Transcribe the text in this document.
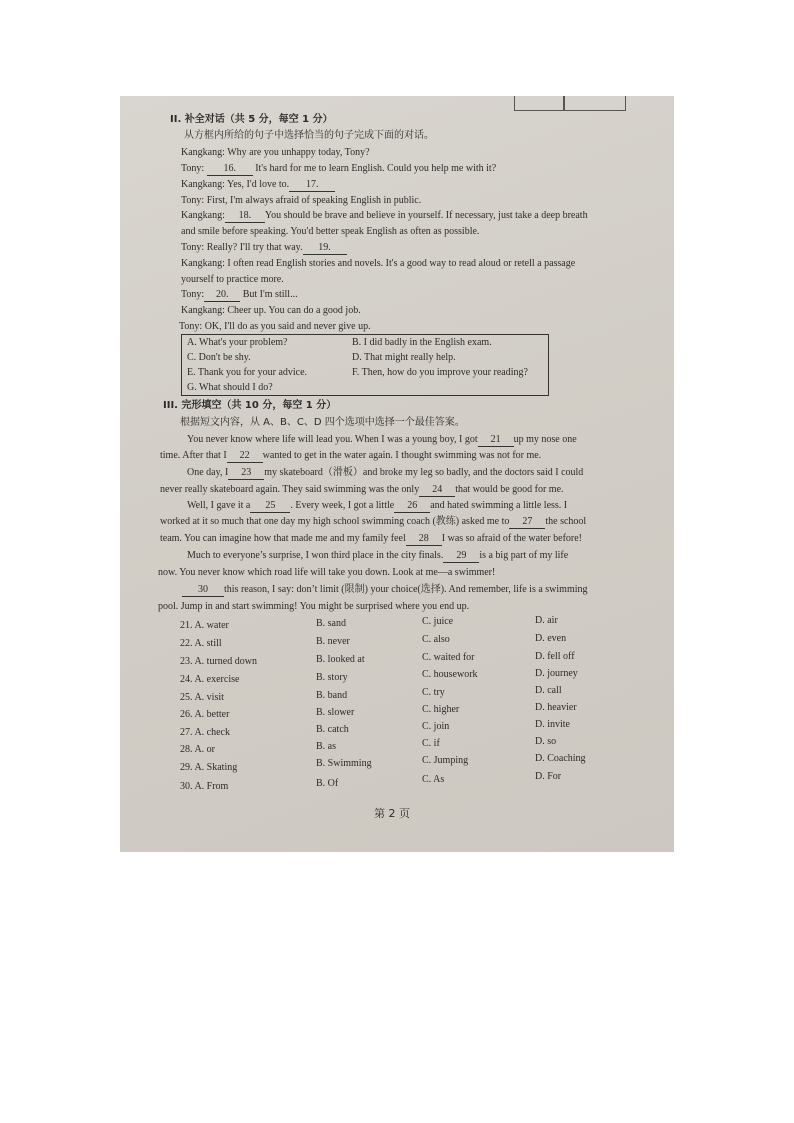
II. 补全对话（共 5 分，每空 1 分）
从方框内所给的句子中选择恰当的句子完成下面的对话。
Kangkang: Why are you unhappy today, Tony?
Tony: 16. It's hard for me to learn English. Could you help me with it?
Kangkang: Yes, I'd love to. 17.
Tony: First, I'm always afraid of speaking English in public.
Kangkang: 18. You should be brave and believe in yourself. If necessary, just take a deep breath
and smile before speaking. You'd better speak English as often as possible.
Tony: Really? I'll try that way. 19.
Kangkang: I often read English stories and novels. It's a good way to read aloud or retell a passage
yourself to practice more.
Tony: 20. But I'm still...
Kangkang: Cheer up. You can do a good job.
Tony: OK, I'll do as you said and never give up.
A. What's your problem?	B. I did badly in the English exam.
C. Don't be shy.	D. That might really help.
E. Thank you for your advice.	F. Then, how do you improve your reading?
G. What should I do?
III. 完形填空（共 10 分，每空 1 分）
根据短文内容，从 A、B、C、D 四个选项中选择一个最佳答案。
You never know where life will lead you. When I was a young boy, I got 21 up my nose one
time. After that I 22 wanted to get in the water again. I thought swimming was not for me.
One day, I 23 my skateboard（滑板）and broke my leg so badly, and the doctors said I could
never really skateboard again. They said swimming was the only 24 that would be good for me.
Well, I gave it a 25 . Every week, I got a little 26 and hated swimming a little less. I
worked at it so much that one day my high school swimming coach (教练) asked me to 27 the school
team. You can imagine how that made me and my family feel 28 I was so afraid of the water before!
Much to everyone’s surprise, I won third place in the city finals. 29 is a big part of my life
now. You never know which road life will take you down. Look at me—a swimmer!
30 this reason, I say: don’t limit (限制) your choice(选择). And remember, life is a swimming
pool. Jump in and start swimming! You might be surprised where you end up.
21. A. water	B. sand	C. juice	D. air
22. A. still	B. never	C. also	D. even
23. A. turned down	B. looked at	C. waited for	D. fell off
24. A. exercise	B. story	C. housework	D. journey
25. A. visit	B. band	C. try	D. call
26. A. better	B. slower	C. higher	D. heavier
27. A. check	B. catch	C. join	D. invite
28. A. or	B. as	C. if	D. so
29. A. Skating	B. Swimming	C. Jumping	D. Coaching
30. A. From	B. Of	C. As	D. For
第 2 页
